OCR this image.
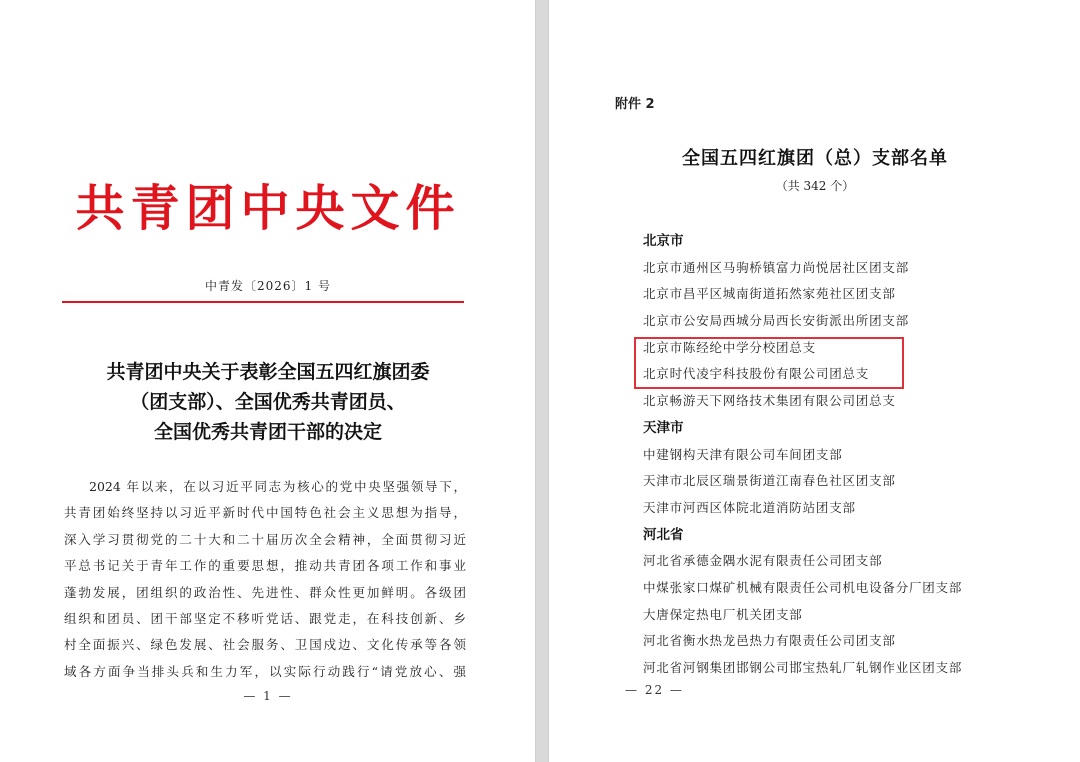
共青团中央文件
中青发〔2026〕1 号
共青团中央关于表彰全国五四红旗团委
（团支部）、全国优秀共青团员、
全国优秀共青团干部的决定
2024 年以来，在以习近平同志为核心的党中央坚强领导下，
共青团始终坚持以习近平新时代中国特色社会主义思想为指导，
深入学习贯彻党的二十大和二十届历次全会精神，全面贯彻习近
平总书记关于青年工作的重要思想，推动共青团各项工作和事业
蓬勃发展，团组织的政治性、先进性、群众性更加鲜明。各级团
组织和团员、团干部坚定不移听党话、跟党走，在科技创新、乡
村全面振兴、绿色发展、社会服务、卫国戍边、文化传承等各领
域各方面争当排头兵和生力军，以实际行动践行“请党放心、强
— 1 —
附件 2
全国五四红旗团（总）支部名单
（共 342 个）
北京市
北京市通州区马驹桥镇富力尚悦居社区团支部
北京市昌平区城南街道拓然家苑社区团支部
北京市公安局西城分局西长安街派出所团支部
北京市陈经纶中学分校团总支
北京时代凌宇科技股份有限公司团总支
北京畅游天下网络技术集团有限公司团总支
天津市
中建钢构天津有限公司车间团支部
天津市北辰区瑞景街道江南春色社区团支部
天津市河西区体院北道消防站团支部
河北省
河北省承德金隅水泥有限责任公司团支部
中煤张家口煤矿机械有限责任公司机电设备分厂团支部
大唐保定热电厂机关团支部
河北省衡水热龙邑热力有限责任公司团支部
河北省河钢集团邯钢公司邯宝热轧厂轧钢作业区团支部
— 22 —
